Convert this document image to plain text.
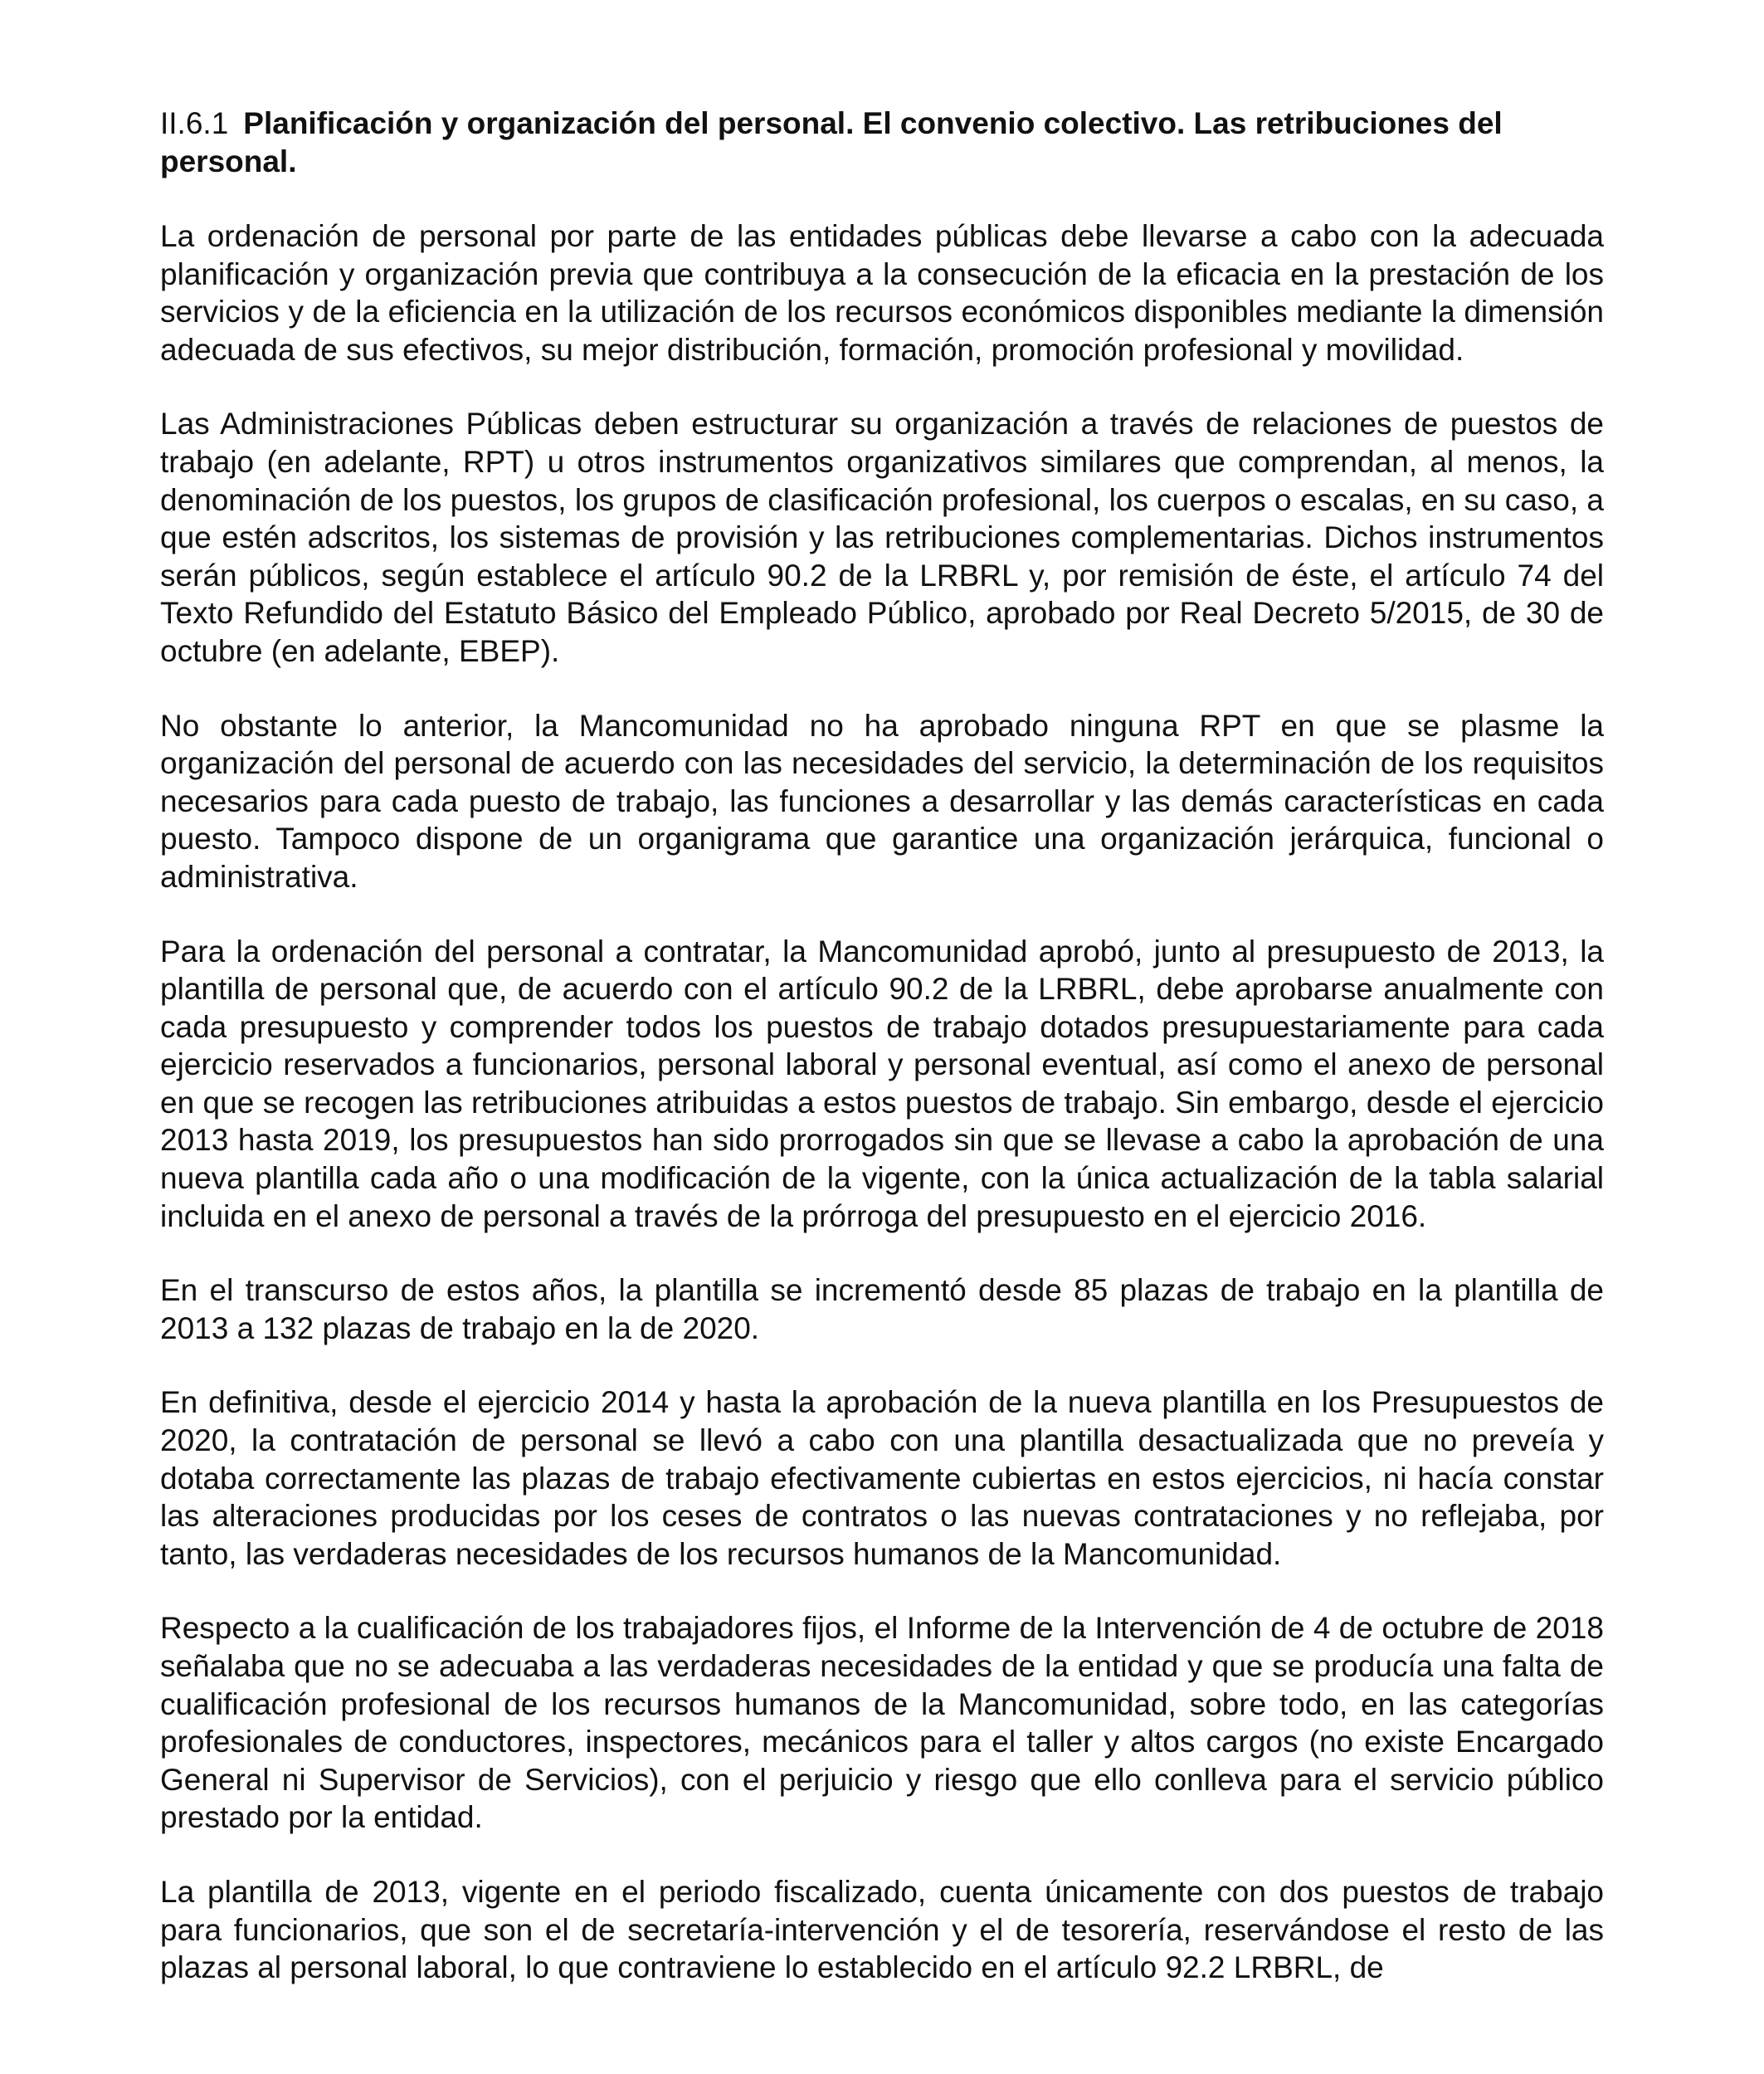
II.6.1 Planificación y organización del personal. El convenio colectivo. Las retribuciones del personal.

La ordenación de personal por parte de las entidades públicas debe llevarse a cabo con la adecuada planificación y organización previa que contribuya a la consecución de la eficacia en la prestación de los servicios y de la eficiencia en la utilización de los recursos económicos disponibles mediante la dimensión adecuada de sus efectivos, su mejor distribución, formación, promoción profesional y movilidad.

Las Administraciones Públicas deben estructurar su organización a través de relaciones de puestos de trabajo (en adelante, RPT) u otros instrumentos organizativos similares que comprendan, al menos, la denominación de los puestos, los grupos de clasificación profesional, los cuerpos o escalas, en su caso, a que estén adscritos, los sistemas de provisión y las retribuciones complementarias. Dichos instrumentos serán públicos, según establece el artículo 90.2 de la LRBRL y, por remisión de éste, el artículo 74 del Texto Refundido del Estatuto Básico del Empleado Público, aprobado por Real Decreto 5/2015, de 30 de octubre (en adelante, EBEP).

No obstante lo anterior, la Mancomunidad no ha aprobado ninguna RPT en que se plasme la organización del personal de acuerdo con las necesidades del servicio, la determinación de los requisitos necesarios para cada puesto de trabajo, las funciones a desarrollar y las demás características en cada puesto. Tampoco dispone de un organigrama que garantice una organización jerárquica, funcional o administrativa.

Para la ordenación del personal a contratar, la Mancomunidad aprobó, junto al presupuesto de 2013, la plantilla de personal que, de acuerdo con el artículo 90.2 de la LRBRL, debe aprobarse anualmente con cada presupuesto y comprender todos los puestos de trabajo dotados presupuestariamente para cada ejercicio reservados a funcionarios, personal laboral y personal eventual, así como el anexo de personal en que se recogen las retribuciones atribuidas a estos puestos de trabajo. Sin embargo, desde el ejercicio 2013 hasta 2019, los presupuestos han sido prorrogados sin que se llevase a cabo la aprobación de una nueva plantilla cada año o una modificación de la vigente, con la única actualización de la tabla salarial incluida en el anexo de personal a través de la prórroga del presupuesto en el ejercicio 2016.

En el transcurso de estos años, la plantilla se incrementó desde 85 plazas de trabajo en la plantilla de 2013 a 132 plazas de trabajo en la de 2020.

En definitiva, desde el ejercicio 2014 y hasta la aprobación de la nueva plantilla en los Presupuestos de 2020, la contratación de personal se llevó a cabo con una plantilla desactualizada que no preveía y dotaba correctamente las plazas de trabajo efectivamente cubiertas en estos ejercicios, ni hacía constar las alteraciones producidas por los ceses de contratos o las nuevas contrataciones y no reflejaba, por tanto, las verdaderas necesidades de los recursos humanos de la Mancomunidad.

Respecto a la cualificación de los trabajadores fijos, el Informe de la Intervención de 4 de octubre de 2018 señalaba que no se adecuaba a las verdaderas necesidades de la entidad y que se producía una falta de cualificación profesional de los recursos humanos de la Mancomunidad, sobre todo, en las categorías profesionales de conductores, inspectores, mecánicos para el taller y altos cargos (no existe Encargado General ni Supervisor de Servicios), con el perjuicio y riesgo que ello conlleva para el servicio público prestado por la entidad.

La plantilla de 2013, vigente en el periodo fiscalizado, cuenta únicamente con dos puestos de trabajo para funcionarios, que son el de secretaría-intervención y el de tesorería, reservándose el resto de las plazas al personal laboral, lo que contraviene lo establecido en el artículo 92.2 LRBRL, de
